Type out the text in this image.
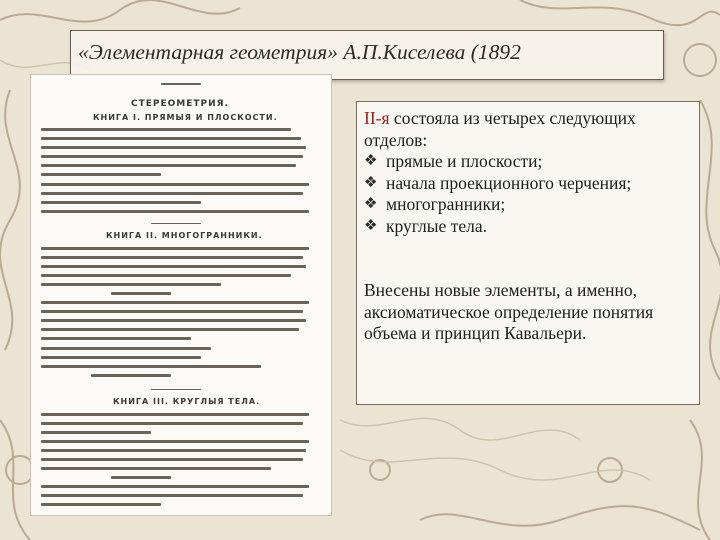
«Элементарная геометрия» А.П.Киселева (1892
СТЕРЕОМЕТРИЯ.
КНИГА I. ПРЯМЫЯ И ПЛОСКОСТИ.
КНИГА II. МНОГОГРАННИКИ.
КНИГА III. КРУГЛЫЯ ТЕЛА.
II-я состояла из четырех следующих отделов:
❖ прямые и плоскости;
❖ начала проекционного черчения;
❖ многогранники;
❖ круглые тела.
Внесены новые элементы, а именно, аксиоматическое определение понятия объема и принцип Кавальери.
